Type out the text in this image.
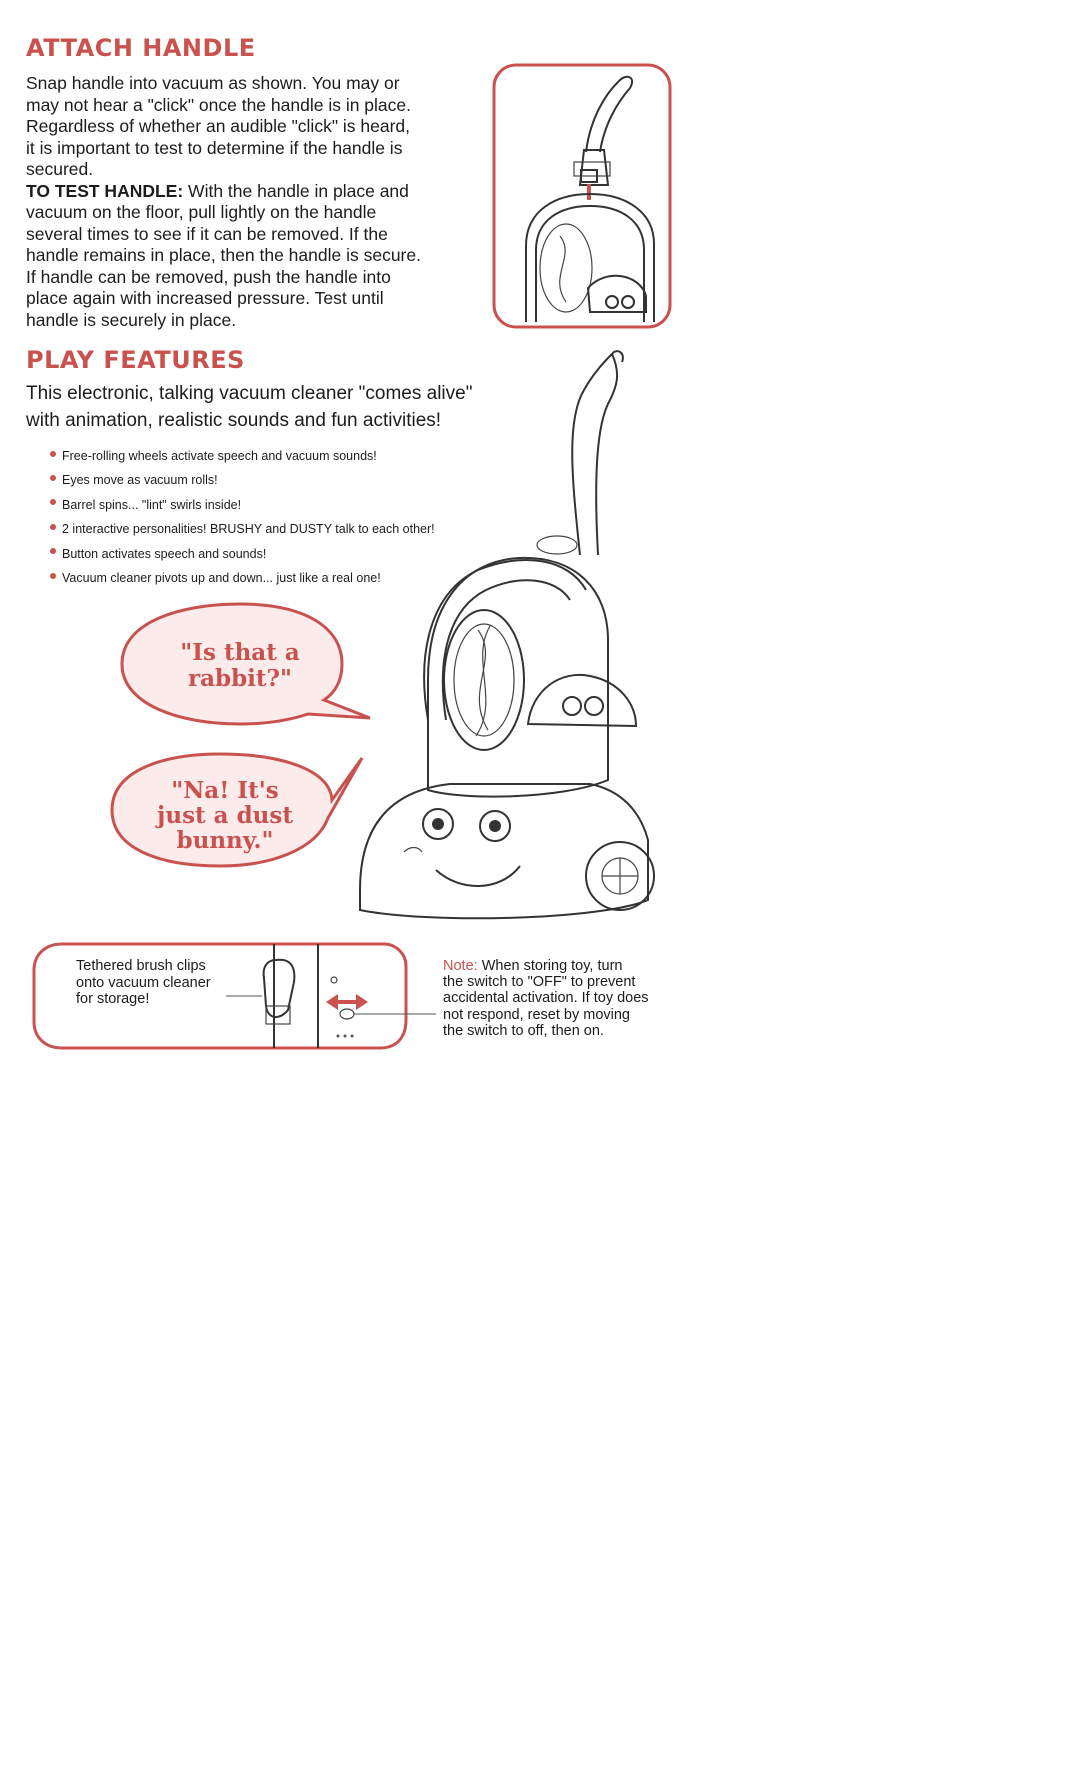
ATTACH HANDLE
Snap handle into vacuum as shown. You may or
may not hear a "click" once the handle is in place.
Regardless of whether an audible "click" is heard,
it is important to test to determine if the handle is
secured.
TO TEST HANDLE: With the handle in place and
vacuum on the floor, pull lightly on the handle
several times to see if it can be removed. If the
handle remains in place, then the handle is secure.
If handle can be removed, push the handle into
place again with increased pressure. Test until
handle is securely in place.
PLAY FEATURES
This electronic, talking vacuum cleaner "comes alive"
with animation, realistic sounds and fun activities!
Free-rolling wheels activate speech and vacuum sounds!
Eyes move as vacuum rolls!
Barrel spins... "lint" swirls inside!
2 interactive personalities! BRUSHY and DUSTY talk to each other!
Button activates speech and sounds!
Vacuum cleaner pivots up and down... just like a real one!
"Is that a
rabbit?"
"Na! It's
just a dust
bunny."
Tethered brush clips
onto vacuum cleaner
for storage!
Note: When storing toy, turn
the switch to "OFF" to prevent
accidental activation. If toy does
not respond, reset by moving
the switch to off, then on.
